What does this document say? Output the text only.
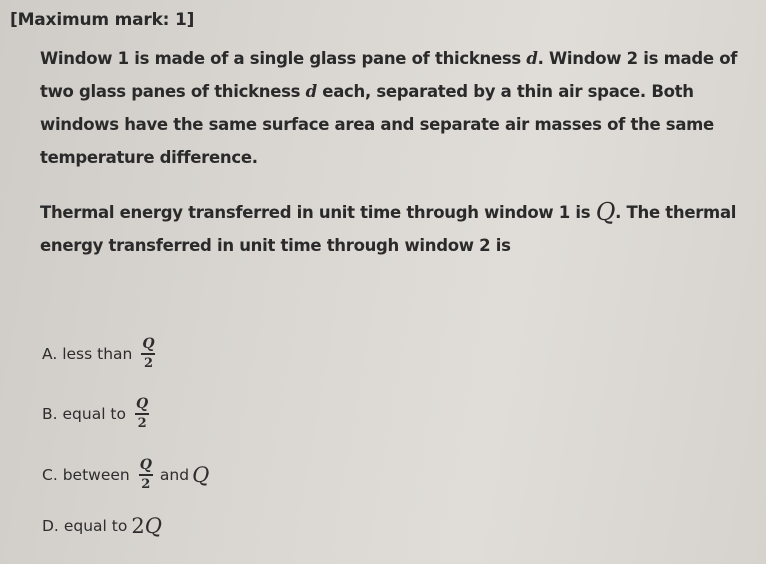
[Maximum mark: 1]
Window 1 is made of a single glass pane of thickness d. Window 2 is made of two glass panes of thickness d each, separated by a thin air space. Both windows have the same surface area and separate air masses of the same temperature difference.
Thermal energy transferred in unit time through window 1 is Q. The thermal energy transferred in unit time through window 2 is
A.
less than $\frac{Q}{2}$
B.
equal to $\frac{Q}{2}$
C.
between $\frac{Q}{2}$ and Q
D.
equal to 2Q
